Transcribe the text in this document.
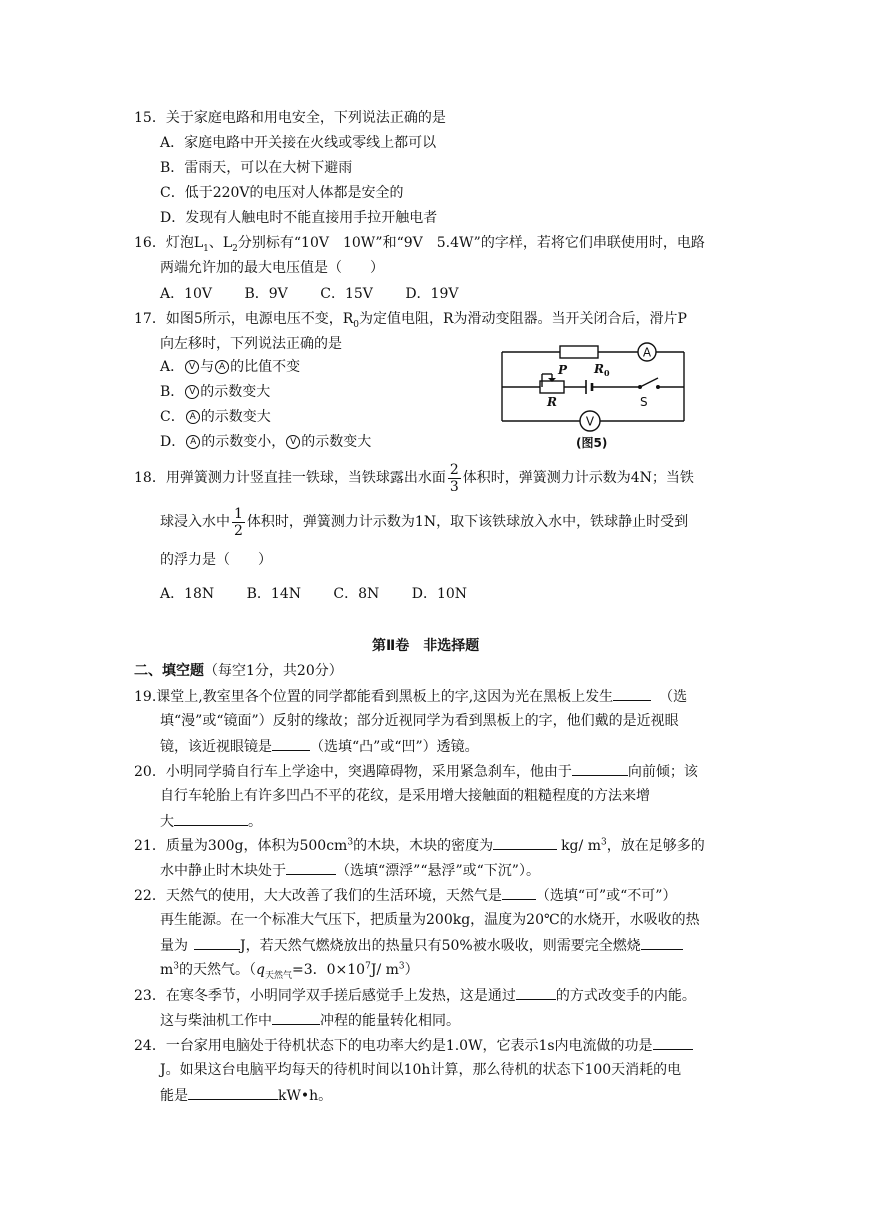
15．关于家庭电路和用电安全，下列说法正确的是
A．家庭电路中开关接在火线或零线上都可以
B．雷雨天，可以在大树下避雨
C．低于220V的电压对人体都是安全的
D．发现有人触电时不能直接用手拉开触电者
16．灯泡$L_1$、$L_2$分别标有“10V　10W”和“9V　5.4W”的字样，若将它们串联使用时，电路
两端允许加的最大电压值是（　　）
A．10V　　 B．9V　　 C．15V　　 D．19V
17．如图5所示，电源电压不变，$R_0$为定值电阻，R为滑动变阻器。当开关闭合后，滑片P
向左移时，下列说法正确的是
A． V 与 A 的比值不变
B． V 的示数变大
C． A 的示数变大
D． A 的示数变小， V 的示数变大
A
V
P $R_0$
R	S
(图5)
18．用弹簧测力计竖直挂一铁球，当铁球露出水面 $\frac{2}{3}$ 体积时，弹簧测力计示数为4N；当铁
球浸入水中 $\frac{1}{2}$ 体积时，弹簧测力计示数为1N，取下该铁球放入水中，铁球静止时受到
的浮力是（　　）
A．18N　　 B．14N　　 C．8N　　 D．10N
第Ⅱ卷　非选择题
二、填空题（每空1分，共20分）
19.课堂上,教室里各个位置的同学都能看到黑板上的字,这因为光在黑板上发生	（选
填“漫”或“镜面”）反射的缘故；部分近视同学为看到黑板上的字，他们戴的是近视眼
镜，该近视眼镜是	（选填“凸”或“凹”）透镜。
20．小明同学骑自行车上学途中，突遇障碍物，采用紧急刹车，他由于	向前倾；该
自行车轮胎上有许多凹凸不平的花纹，是采用增大接触面的粗糙程度的方法来增
大	。
21．质量为300g，体积为$500cm^3$的木块，木块的密度为	kg/ $m^3$，放在足够多的
水中静止时木块处于	（选填“漂浮”“悬浮”或“下沉”）。
22．天然气的使用，大大改善了我们的生活环境，天然气是 （选填“可”或“不可”）
再生能源。在一个标准大气压下，把质量为200kg，温度为20℃的水烧开，水吸收的热
量为	J，若天然气燃烧放出的热量只有50%被水吸收，则需要完全燃烧
$m^3$的天然气。（$q_{天然气}=3$．$0\times 10^7J/$ $m^3$）
23．在寒冬季节，小明同学双手搓后感觉手上发热，这是通过	的方式改变手的内能。
这与柴油机工作中	冲程的能量转化相同。
24．一台家用电脑处于待机状态下的电功率大约是1.0W，它表示1s内电流做的功是
J。如果这台电脑平均每天的待机时间以10h计算，那么待机的状态下100天消耗的电
能是	kW•h。
